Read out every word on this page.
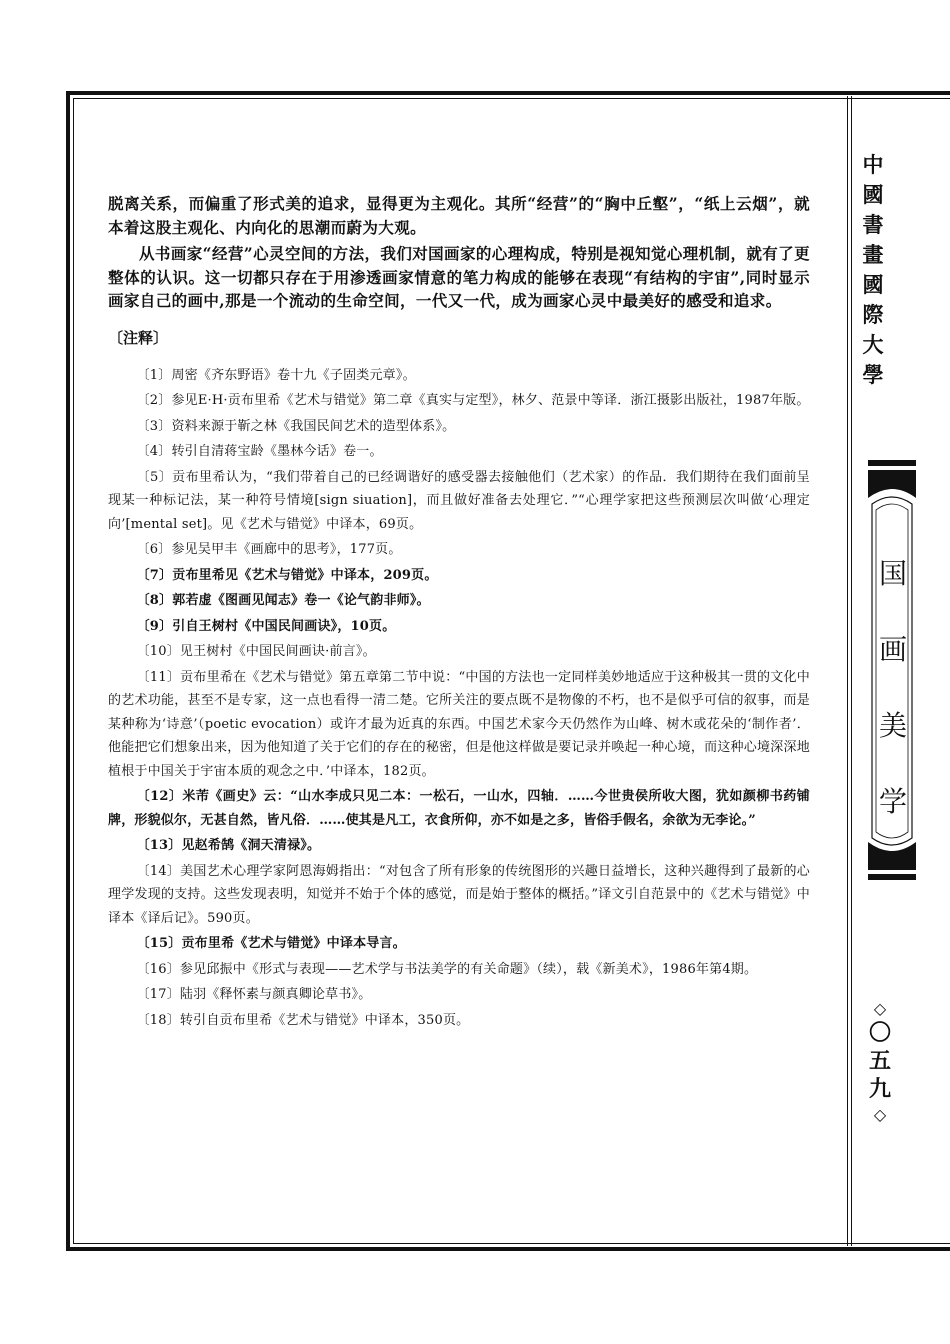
脱离关系，而偏重了形式美的追求，显得更为主观化。其所“经营”的“胸中丘壑”，“纸上云烟”，就本着这股主观化、内向化的思潮而蔚为大观。

从书画家“经营”心灵空间的方法，我们对国画家的心理构成，特别是视知觉心理机制，就有了更整体的认识。这一切都只存在于用渗透画家情意的笔力构成的能够在表现“有结构的宇宙”,同时显示画家自己的画中,那是一个流动的生命空间，一代又一代，成为画家心灵中最美好的感受和追求。

〔注释〕

〔1〕周密《齐东野语》卷十九《子固类元章》。

〔2〕参见E·H·贡布里希《艺术与错觉》第二章《真实与定型》，林夕、范景中等译．浙江摄影出版社，1987年版。

〔3〕资料来源于靳之林《我国民间艺术的造型体系》。

〔4〕转引自清蒋宝龄《墨林今话》卷一。

〔5〕贡布里希认为，“我们带着自己的已经调谐好的感受器去接触他们（艺术家）的作品．我们期待在我们面前呈现某一种标记法，某一种符号情境[sign siuation]，而且做好准备去处理它．”“心理学家把这些预测层次叫做‘心理定向’[mental set]。见《艺术与错觉》中译本，69页。

〔6〕参见吴甲丰《画廊中的思考》，177页。

〔7〕贡布里希见《艺术与错觉》中译本，209页。

〔8〕郭若虚《图画见闻志》卷一《论气韵非师》。

〔9〕引自王树村《中国民间画诀》，10页。

〔10〕见王树村《中国民间画诀·前言》。

〔11〕贡布里希在《艺术与错觉》第五章第二节中说：“中国的方法也一定同样美妙地适应于这种极其一贯的文化中的艺术功能，甚至不是专家，这一点也看得一清二楚。它所关注的要点既不是物像的不朽，也不是似乎可信的叙事，而是某种称为‘诗意’（poetic evocation）或许才最为近真的东西。中国艺术家今天仍然作为山峰、树木或花朵的‘制作者’．他能把它们想象出来，因为他知道了关于它们的存在的秘密，但是他这样做是要记录并唤起一种心境，而这种心境深深地植根于中国关于宇宙本质的观念之中．’中译本，182页。

〔12〕米芾《画史》云：“山水李成只见二本：一松石，一山水，四轴．……今世贵侯所收大图，犹如颜柳书药铺牌，形貌似尔，无甚自然，皆凡俗．……使其是凡工，衣食所仰，亦不如是之多，皆俗手假名，余欲为无李论。”

〔13〕见赵希鹄《洞天清禄》。

〔14〕美国艺术心理学家阿恩海姆指出：“对包含了所有形象的传统图形的兴趣日益增长，这种兴趣得到了最新的心理学发现的支持。这些发现表明，知觉并不始于个体的感觉，而是始于整体的概括。”译文引自范景中的《艺术与错觉》中译本《译后记》。590页。

〔15〕贡布里希《艺术与错觉》中译本导言。

〔16〕参见邱振中《形式与表现——艺术学与书法美学的有关命题》（续），载《新美术》，1986年第4期。

〔17〕陆羽《释怀素与颜真卿论草书》。

〔18〕转引自贡布里希《艺术与错觉》中译本，350页。

中
國
書
畫
國
際
大
學
国
画
美
学
◇
〇
五
九
◇
